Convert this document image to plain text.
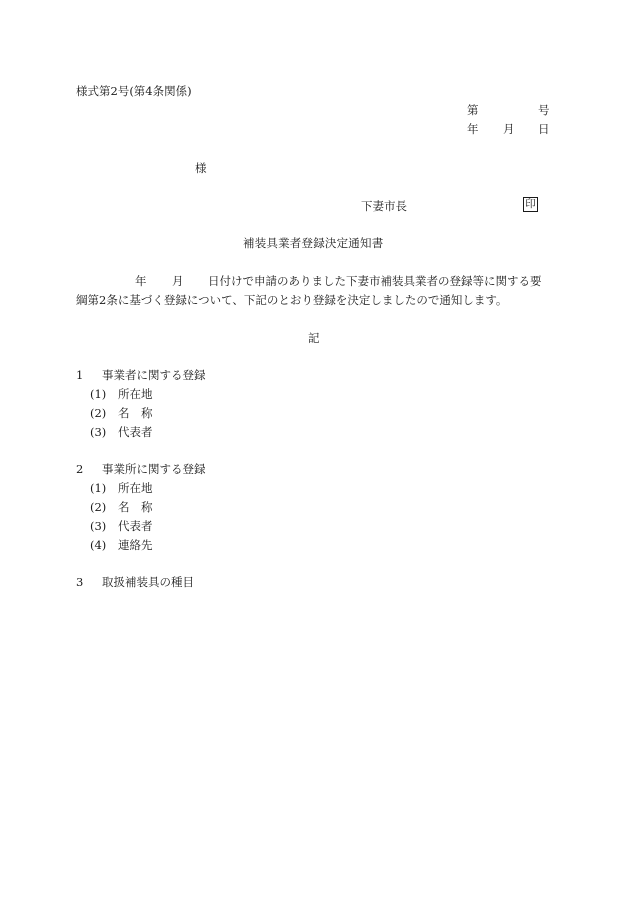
様式第2号(第4条関係)
第	号
年 月 日
様
下妻市長	印
補装具業者登録決定通知書
年 月 日付けで申請のありました下妻市補装具業者の登録等に関する要
綱第2条に基づく登録について、下記のとおり登録を決定しましたので通知します。
記
1 事業者に関する登録
(1) 所在地
(2) 名　称
(3) 代表者
2 事業所に関する登録
(1) 所在地
(2) 名　称
(3) 代表者
(4) 連絡先
3 取扱補装具の種目
